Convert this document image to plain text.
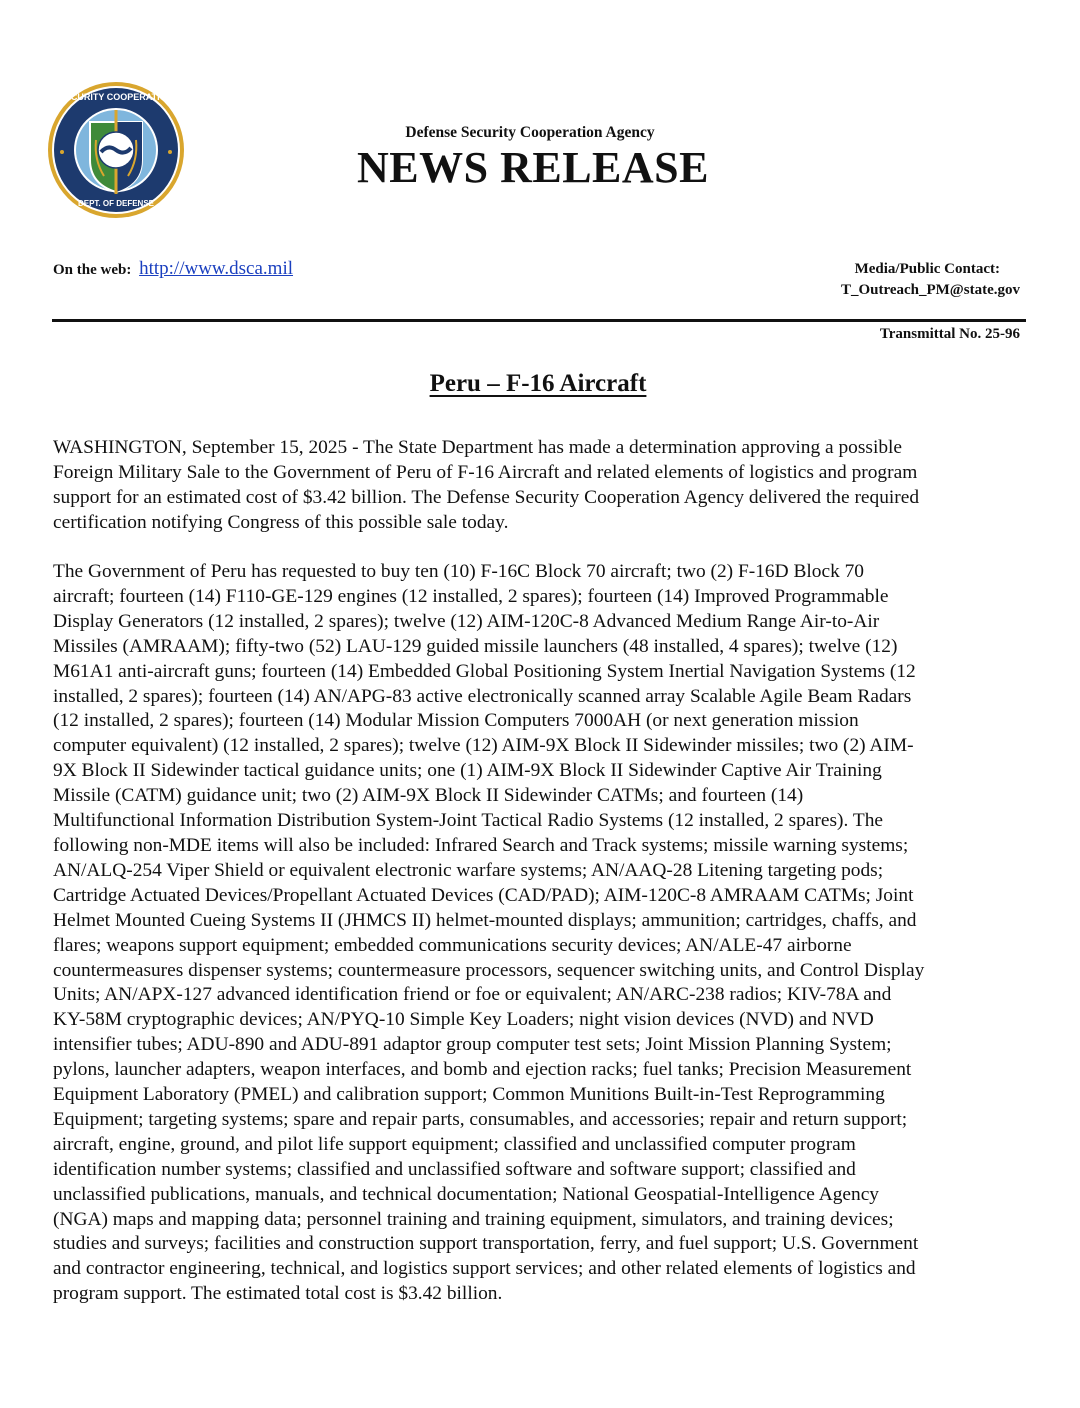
SECURITY COOPERATION
DEPT. OF DEFENSE
Defense Security Cooperation Agency
NEWS RELEASE
On the web: http://www.dsca.mil	Media/Public Contact:
T_Outreach_PM@state.gov
Transmittal No. 25-96
Peru – F-16 Aircraft
WASHINGTON, September 15, 2025 - The State Department has made a determination approving a possible
Foreign Military Sale to the Government of Peru of F-16 Aircraft and related elements of logistics and program
support for an estimated cost of $3.42 billion. The Defense Security Cooperation Agency delivered the required
certification notifying Congress of this possible sale today.
The Government of Peru has requested to buy ten (10) F-16C Block 70 aircraft; two (2) F-16D Block 70
aircraft; fourteen (14) F110-GE-129 engines (12 installed, 2 spares); fourteen (14) Improved Programmable
Display Generators (12 installed, 2 spares); twelve (12) AIM-120C-8 Advanced Medium Range Air-to-Air
Missiles (AMRAAM); fifty-two (52) LAU-129 guided missile launchers (48 installed, 4 spares); twelve (12)
M61A1 anti-aircraft guns; fourteen (14) Embedded Global Positioning System Inertial Navigation Systems (12
installed, 2 spares); fourteen (14) AN/APG-83 active electronically scanned array Scalable Agile Beam Radars
(12 installed, 2 spares); fourteen (14) Modular Mission Computers 7000AH (or next generation mission
computer equivalent) (12 installed, 2 spares); twelve (12) AIM-9X Block II Sidewinder missiles; two (2) AIM-
9X Block II Sidewinder tactical guidance units; one (1) AIM-9X Block II Sidewinder Captive Air Training
Missile (CATM) guidance unit; two (2) AIM-9X Block II Sidewinder CATMs; and fourteen (14)
Multifunctional Information Distribution System-Joint Tactical Radio Systems (12 installed, 2 spares). The
following non-MDE items will also be included: Infrared Search and Track systems; missile warning systems;
AN/ALQ-254 Viper Shield or equivalent electronic warfare systems; AN/AAQ-28 Litening targeting pods;
Cartridge Actuated Devices/Propellant Actuated Devices (CAD/PAD); AIM-120C-8 AMRAAM CATMs; Joint
Helmet Mounted Cueing Systems II (JHMCS II) helmet-mounted displays; ammunition; cartridges, chaffs, and
flares; weapons support equipment; embedded communications security devices; AN/ALE-47 airborne
countermeasures dispenser systems; countermeasure processors, sequencer switching units, and Control Display
Units; AN/APX-127 advanced identification friend or foe or equivalent; AN/ARC-238 radios; KIV-78A and
KY-58M cryptographic devices; AN/PYQ-10 Simple Key Loaders; night vision devices (NVD) and NVD
intensifier tubes; ADU-890 and ADU-891 adaptor group computer test sets; Joint Mission Planning System;
pylons, launcher adapters, weapon interfaces, and bomb and ejection racks; fuel tanks; Precision Measurement
Equipment Laboratory (PMEL) and calibration support; Common Munitions Built-in-Test Reprogramming
Equipment; targeting systems; spare and repair parts, consumables, and accessories; repair and return support;
aircraft, engine, ground, and pilot life support equipment; classified and unclassified computer program
identification number systems; classified and unclassified software and software support; classified and
unclassified publications, manuals, and technical documentation; National Geospatial-Intelligence Agency
(NGA) maps and mapping data; personnel training and training equipment, simulators, and training devices;
studies and surveys; facilities and construction support transportation, ferry, and fuel support; U.S. Government
and contractor engineering, technical, and logistics support services; and other related elements of logistics and
program support. The estimated total cost is $3.42 billion.
